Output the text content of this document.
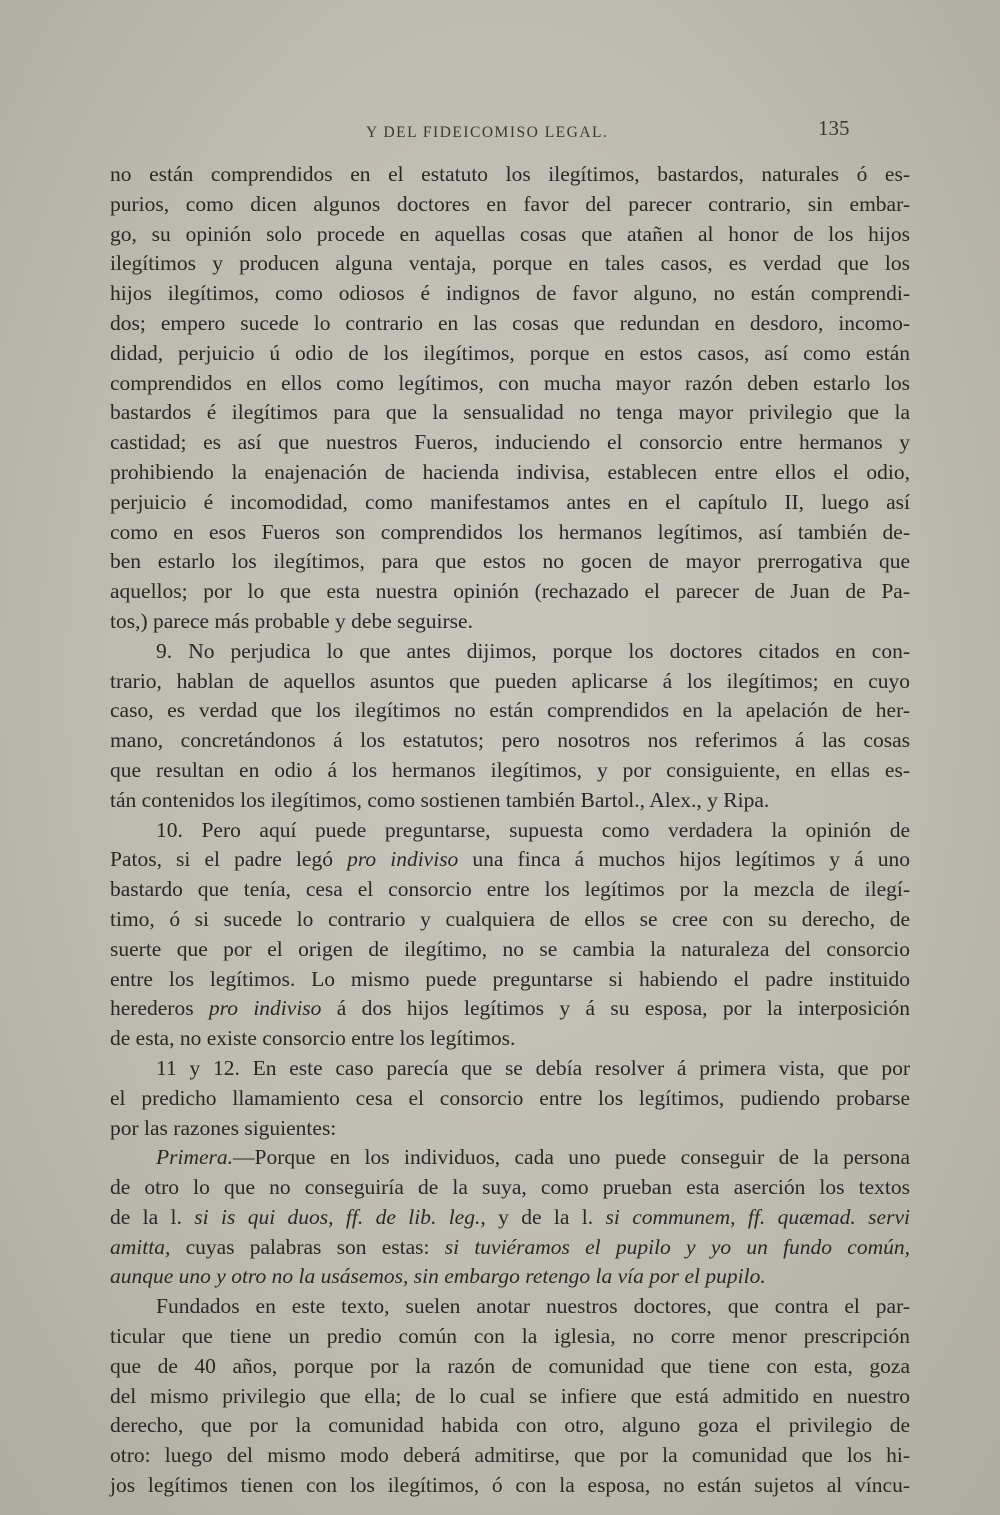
Y DEL FIDEICOMISO LEGAL.	135
no están comprendidos en el estatuto los ilegítimos, bastardos, naturales ó es-
purios, como dicen algunos doctores en favor del parecer contrario, sin embar-
go, su opinión solo procede en aquellas cosas que atañen al honor de los hijos
ilegítimos y producen alguna ventaja, porque en tales casos, es verdad que los
hijos ilegítimos, como odiosos é indignos de favor alguno, no están comprendi-
dos; empero sucede lo contrario en las cosas que redundan en desdoro, incomo-
didad, perjuicio ú odio de los ilegítimos, porque en estos casos, así como están
comprendidos en ellos como legítimos, con mucha mayor razón deben estarlo los
bastardos é ilegítimos para que la sensualidad no tenga mayor privilegio que la
castidad; es así que nuestros Fueros, induciendo el consorcio entre hermanos y
prohibiendo la enajenación de hacienda indivisa, establecen entre ellos el odio,
perjuicio é incomodidad, como manifestamos antes en el capítulo II, luego así
como en esos Fueros son comprendidos los hermanos legítimos, así también de-
ben estarlo los ilegítimos, para que estos no gocen de mayor prerrogativa que
aquellos; por lo que esta nuestra opinión (rechazado el parecer de Juan de Pa-
tos,) parece más probable y debe seguirse.
9. No perjudica lo que antes dijimos, porque los doctores citados en con-
trario, hablan de aquellos asuntos que pueden aplicarse á los ilegítimos; en cuyo
caso, es verdad que los ilegítimos no están comprendidos en la apelación de her-
mano, concretándonos á los estatutos; pero nosotros nos referimos á las cosas
que resultan en odio á los hermanos ilegítimos, y por consiguiente, en ellas es-
tán contenidos los ilegítimos, como sostienen también Bartol., Alex., y Ripa.
10. Pero aquí puede preguntarse, supuesta como verdadera la opinión de
Patos, si el padre legó pro indiviso una finca á muchos hijos legítimos y á uno
bastardo que tenía, cesa el consorcio entre los legítimos por la mezcla de ilegí-
timo, ó si sucede lo contrario y cualquiera de ellos se cree con su derecho, de
suerte que por el origen de ilegítimo, no se cambia la naturaleza del consorcio
entre los legítimos. Lo mismo puede preguntarse si habiendo el padre instituido
herederos pro indiviso á dos hijos legítimos y á su esposa, por la interposición
de esta, no existe consorcio entre los legítimos.
11 y 12. En este caso parecía que se debía resolver á primera vista, que por
el predicho llamamiento cesa el consorcio entre los legítimos, pudiendo probarse
por las razones siguientes:
Primera.—Porque en los individuos, cada uno puede conseguir de la persona
de otro lo que no conseguiría de la suya, como prueban esta aserción los textos
de la l. si is qui duos, ff. de lib. leg., y de la l. si communem, ff. quæmad. servi
amitta, cuyas palabras son estas: si tuviéramos el pupilo y yo un fundo común,
aunque uno y otro no la usásemos, sin embargo retengo la vía por el pupilo.
Fundados en este texto, suelen anotar nuestros doctores, que contra el par-
ticular que tiene un predio común con la iglesia, no corre menor prescripción
que de 40 años, porque por la razón de comunidad que tiene con esta, goza
del mismo privilegio que ella; de lo cual se infiere que está admitido en nuestro
derecho, que por la comunidad habida con otro, alguno goza el privilegio de
otro: luego del mismo modo deberá admitirse, que por la comunidad que los hi-
jos legítimos tienen con los ilegítimos, ó con la esposa, no están sujetos al víncu-
